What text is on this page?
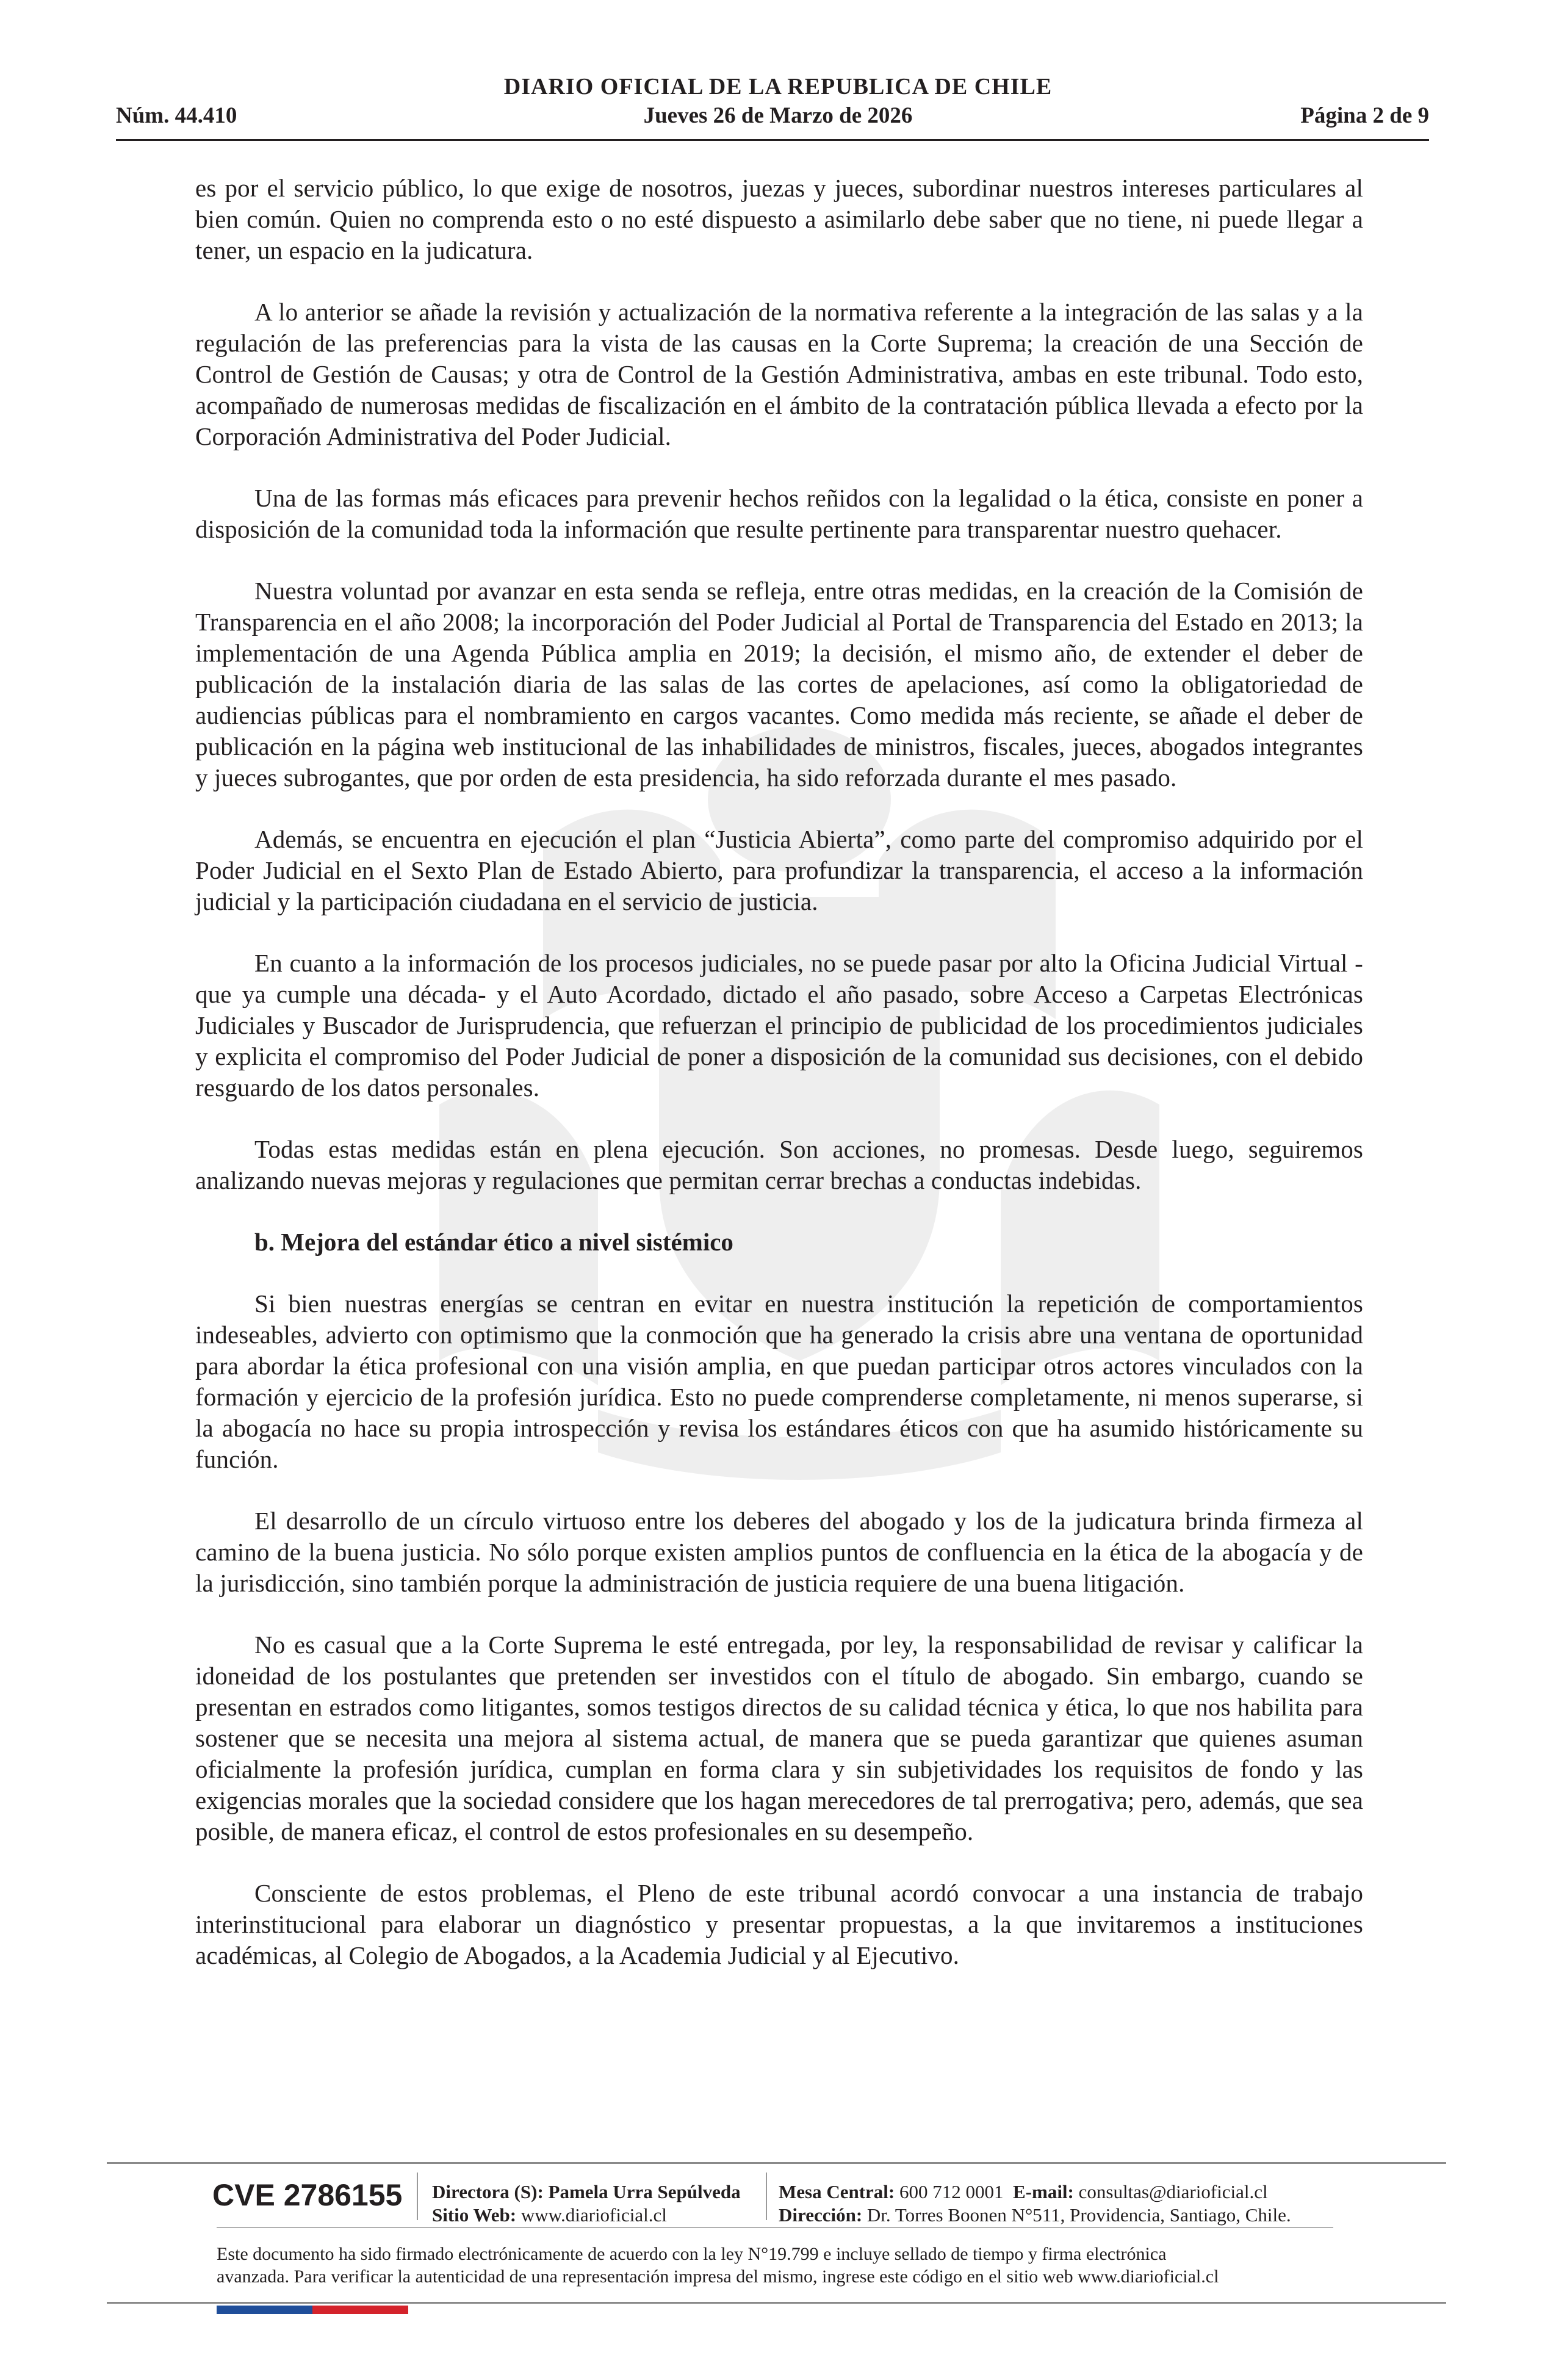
DIARIO OFICIAL DE LA REPUBLICA DE CHILE
Núm. 44.410	Jueves 26 de Marzo de 2026	Página 2 de 9

es por el servicio público, lo que exige de nosotros, juezas y jueces, subordinar nuestros intereses particulares al bien común. Quien no comprenda esto o no esté dispuesto a asimilarlo debe saber que no tiene, ni puede llegar a tener, un espacio en la judicatura.

A lo anterior se añade la revisión y actualización de la normativa referente a la integración de las salas y a la regulación de las preferencias para la vista de las causas en la Corte Suprema; la creación de una Sección de Control de Gestión de Causas; y otra de Control de la Gestión Administrativa, ambas en este tribunal. Todo esto, acompañado de numerosas medidas de fiscalización en el ámbito de la contratación pública llevada a efecto por la Corporación Administrativa del Poder Judicial.

Una de las formas más eficaces para prevenir hechos reñidos con la legalidad o la ética, consiste en poner a disposición de la comunidad toda la información que resulte pertinente para transparentar nuestro quehacer.

Nuestra voluntad por avanzar en esta senda se refleja, entre otras medidas, en la creación de la Comisión de Transparencia en el año 2008; la incorporación del Poder Judicial al Portal de Transparencia del Estado en 2013; la implementación de una Agenda Pública amplia en 2019; la decisión, el mismo año, de extender el deber de publicación de la instalación diaria de las salas de las cortes de apelaciones, así como la obligatoriedad de audiencias públicas para el nombramiento en cargos vacantes. Como medida más reciente, se añade el deber de publicación en la página web institucional de las inhabilidades de ministros, fiscales, jueces, abogados integrantes y jueces subrogantes, que por orden de esta presidencia, ha sido reforzada durante el mes pasado.

Además, se encuentra en ejecución el plan “Justicia Abierta”, como parte del compromiso adquirido por el Poder Judicial en el Sexto Plan de Estado Abierto, para profundizar la transparencia, el acceso a la información judicial y la participación ciudadana en el servicio de justicia.

En cuanto a la información de los procesos judiciales, no se puede pasar por alto la Oficina Judicial Virtual -que ya cumple una década- y el Auto Acordado, dictado el año pasado, sobre Acceso a Carpetas Electrónicas Judiciales y Buscador de Jurisprudencia, que refuerzan el principio de publicidad de los procedimientos judiciales y explicita el compromiso del Poder Judicial de poner a disposición de la comunidad sus decisiones, con el debido resguardo de los datos personales.

Todas estas medidas están en plena ejecución. Son acciones, no promesas. Desde luego, seguiremos analizando nuevas mejoras y regulaciones que permitan cerrar brechas a conductas indebidas.

b. Mejora del estándar ético a nivel sistémico

Si bien nuestras energías se centran en evitar en nuestra institución la repetición de comportamientos indeseables, advierto con optimismo que la conmoción que ha generado la crisis abre una ventana de oportunidad para abordar la ética profesional con una visión amplia, en que puedan participar otros actores vinculados con la formación y ejercicio de la profesión jurídica. Esto no puede comprenderse completamente, ni menos superarse, si la abogacía no hace su propia introspección y revisa los estándares éticos con que ha asumido históricamente su función.

El desarrollo de un círculo virtuoso entre los deberes del abogado y los de la judicatura brinda firmeza al camino de la buena justicia. No sólo porque existen amplios puntos de confluencia en la ética de la abogacía y de la jurisdicción, sino también porque la administración de justicia requiere de una buena litigación.

No es casual que a la Corte Suprema le esté entregada, por ley, la responsabilidad de revisar y calificar la idoneidad de los postulantes que pretenden ser investidos con el título de abogado. Sin embargo, cuando se presentan en estrados como litigantes, somos testigos directos de su calidad técnica y ética, lo que nos habilita para sostener que se necesita una mejora al sistema actual, de manera que se pueda garantizar que quienes asuman oficialmente la profesión jurídica, cumplan en forma clara y sin subjetividades los requisitos de fondo y las exigencias morales que la sociedad considere que los hagan merecedores de tal prerrogativa; pero, además, que sea posible, de manera eficaz, el control de estos profesionales en su desempeño.

Consciente de estos problemas, el Pleno de este tribunal acordó convocar a una instancia de trabajo interinstitucional para elaborar un diagnóstico y presentar propuestas, a la que invitaremos a instituciones académicas, al Colegio de Abogados, a la Academia Judicial y al Ejecutivo.

CVE 2786155 Directora (S): Pamela Urra Sepúlveda
Sitio Web: www.diarioficial.cl
Mesa Central: 600 712 0001 E-mail: consultas@diarioficial.cl
Dirección: Dr. Torres Boonen N°511, Providencia, Santiago, Chile.
Este documento ha sido firmado electrónicamente de acuerdo con la ley N°19.799 e incluye sellado de tiempo y firma electrónica
avanzada. Para verificar la autenticidad de una representación impresa del mismo, ingrese este código en el sitio web www.diarioficial.cl
